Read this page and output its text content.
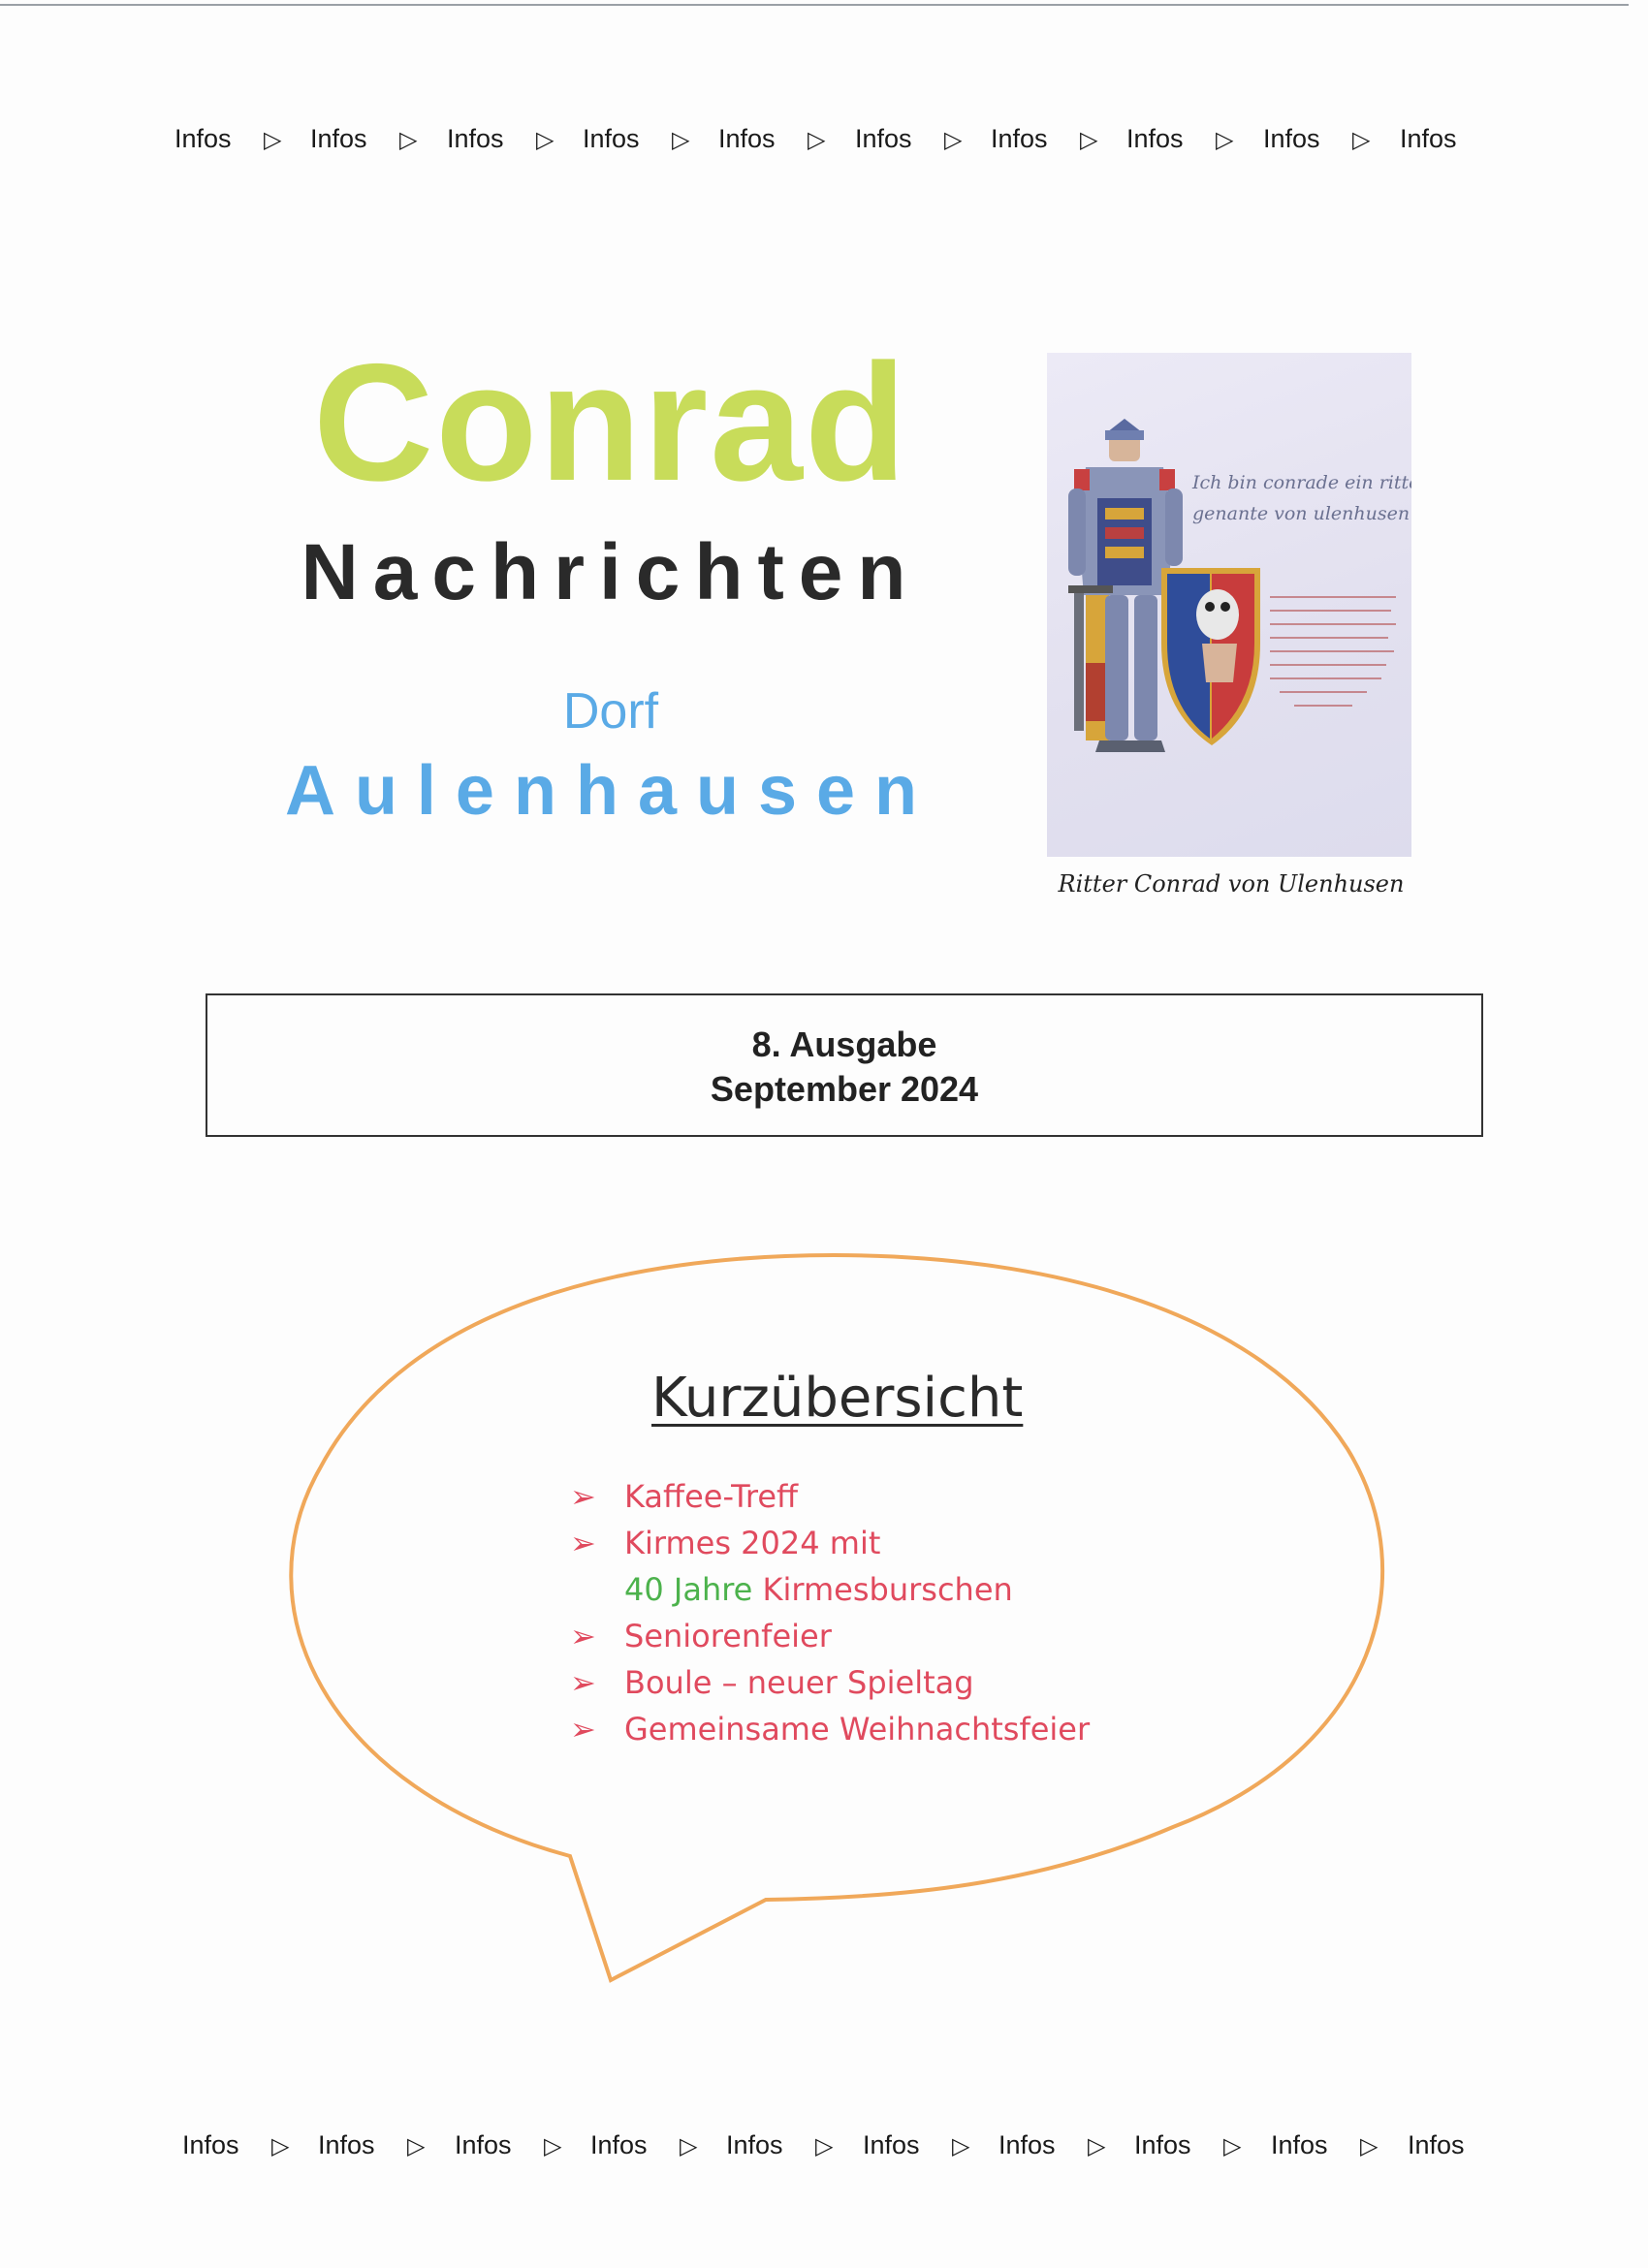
Infos ▷ Infos ▷ Infos ▷ Infos ▷ Infos ▷ Infos ▷ Infos ▷ Infos ▷ Infos ▷ Infos
Conrad
Nachrichten
Dorf
Aulenhausen
Ich bin conrade ein ritter
genante von ulenhusen
Ritter Conrad von Ulenhusen
8. Ausgabe
September 2024
Kurzübersicht
➢ Kaffee-Treff
➢ Kirmes 2024 mit
40 Jahre Kirmesburschen
➢ Seniorenfeier
➢ Boule – neuer Spieltag
➢ Gemeinsame Weihnachtsfeier
Infos ▷ Infos ▷ Infos ▷ Infos ▷ Infos ▷ Infos ▷ Infos ▷ Infos ▷ Infos ▷ Infos
